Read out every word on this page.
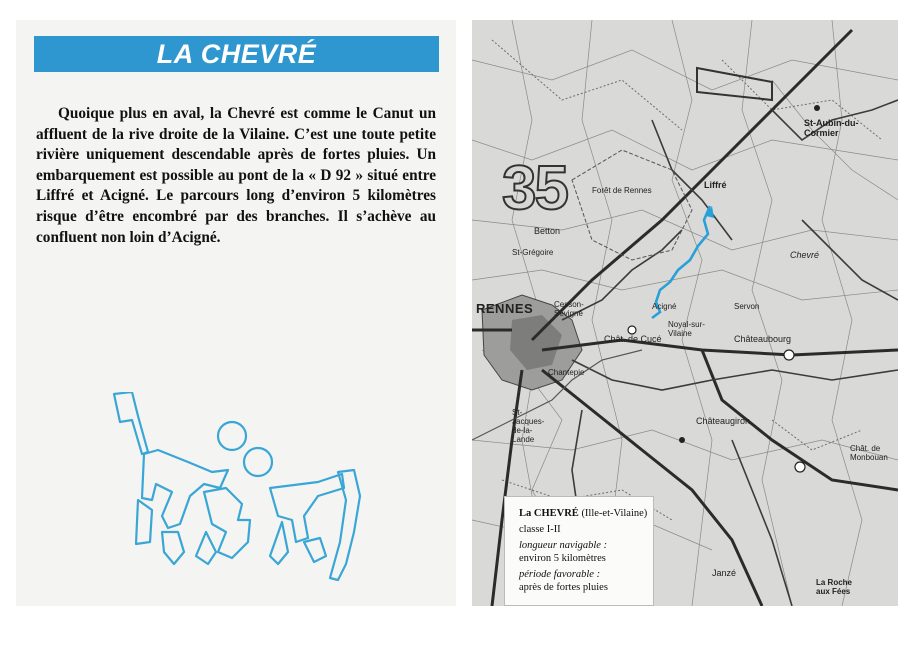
LA CHEVRÉ
Quoique plus en aval, la Chevré est comme le Canut un affluent de la rive droite de la Vilaine. C’est une toute petite rivière uniquement descendable après de fortes pluies. Un embarquement est possible au pont de la « D 92 » situé entre Liffré et Acigné. Le parcours long d’environ 5 kilomètres risque d’être encombré par des branches. Il s’achève au confluent non loin d’Acigné.
35
RENNES
Liffré
Betton
St-Aubin-du-Cormier
Acigné
Cesson-Sévigné
Châteaugiron
Châteaubourg
Janzé
Chantepie
Noyal-sur-Vilaine
Chât. de Cucé
La Roche aux Fées
Forêt de Rennes
Chevré
St-Jacques-de-la-Lande
St-Grégoire
Servon
Chât. de Monbouan
La CHEVRÉ (Ille-et-Vilaine)
classe I-II
longueur navigable :
environ 5 kilomètres
période favorable :
après de fortes pluies
